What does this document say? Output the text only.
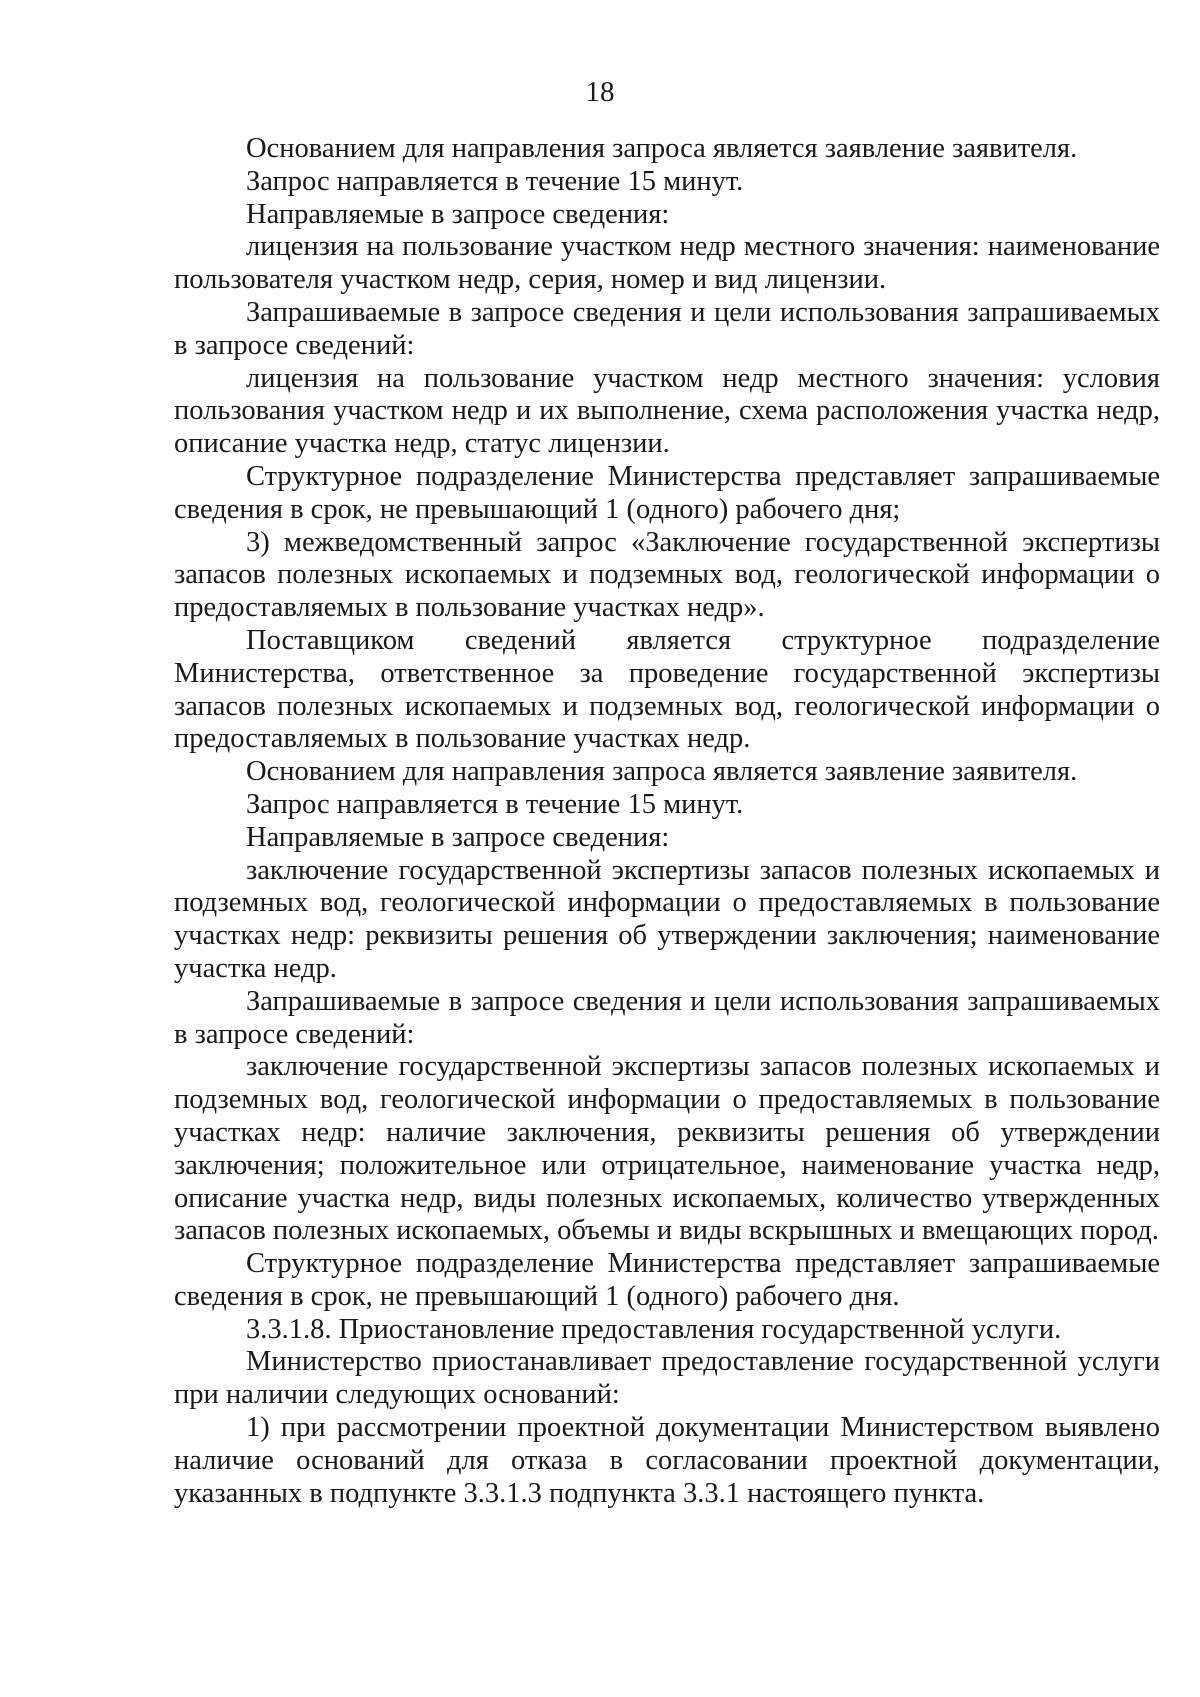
18

Основанием для направления запроса является заявление заявителя.

Запрос направляется в течение 15 минут.

Направляемые в запросе сведения:

лицензия на пользование участком недр местного значения: наименование пользователя участком недр, серия, номер и вид лицензии.

Запрашиваемые в запросе сведения и цели использования запрашиваемых в запросе сведений:

лицензия на пользование участком недр местного значения: условия пользования участком недр и их выполнение, схема расположения участка недр, описание участка недр, статус лицензии.

Структурное подразделение Министерства представляет запрашиваемые сведения в срок, не превышающий 1 (одного) рабочего дня;

3) межведомственный запрос «Заключение государственной экспертизы запасов полезных ископаемых и подземных вод, геологической информации о предоставляемых в пользование участках недр».

Поставщиком сведений является структурное подразделение Министерства, ответственное за проведение государственной экспертизы запасов полезных ископаемых и подземных вод, геологической информации о предоставляемых в пользование участках недр.

Основанием для направления запроса является заявление заявителя.

Запрос направляется в течение 15 минут.

Направляемые в запросе сведения:

заключение государственной экспертизы запасов полезных ископаемых и подземных вод, геологической информации о предоставляемых в пользование участках недр: реквизиты решения об утверждении заключения; наименование участка недр.

Запрашиваемые в запросе сведения и цели использования запрашиваемых в запросе сведений:

заключение государственной экспертизы запасов полезных ископаемых и подземных вод, геологической информации о предоставляемых в пользование участках недр: наличие заключения, реквизиты решения об утверждении заключения; положительное или отрицательное, наименование участка недр, описание участка недр, виды полезных ископаемых, количество утвержденных запасов полезных ископаемых, объемы и виды вскрышных и вмещающих пород.

Структурное подразделение Министерства представляет запрашиваемые сведения в срок, не превышающий 1 (одного) рабочего дня.

3.3.1.8. Приостановление предоставления государственной услуги.

Министерство приостанавливает предоставление государственной услуги при наличии следующих оснований:

1) при рассмотрении проектной документации Министерством выявлено наличие оснований для отказа в согласовании проектной документации, указанных в подпункте 3.3.1.3 подпункта 3.3.1 настоящего пункта.
